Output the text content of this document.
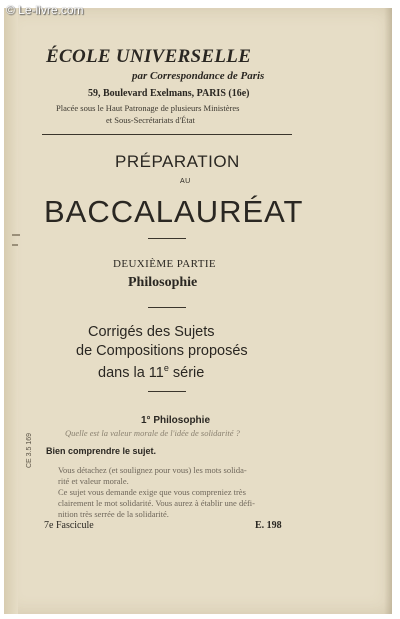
© Le-livre.com
ÉCOLE UNIVERSELLE
par Correspondance de Paris
59, Boulevard Exelmans, PARIS (16e)
Placée sous le Haut Patronage de plusieurs Ministères
et Sous-Secrétariats d'État
PRÉPARATION
AU
BACCALAURÉAT
DEUXIÈME PARTIE
Philosophie
Corrigés des Sujets
de Compositions proposés
dans la 11e série
1° Philosophie
Quelle est la valeur morale de l'idée de solidarité ?
Bien comprendre le sujet.
Vous détachez (et soulignez pour vous) les mots solida-
rité et valeur morale.
Ce sujet vous demande exige que vous compreniez très
clairement le mot solidarité. Vous aurez à établir une défi-
nition très serrée de la solidarité.
7e Fascicule	E. 198
CE 3.5 169
